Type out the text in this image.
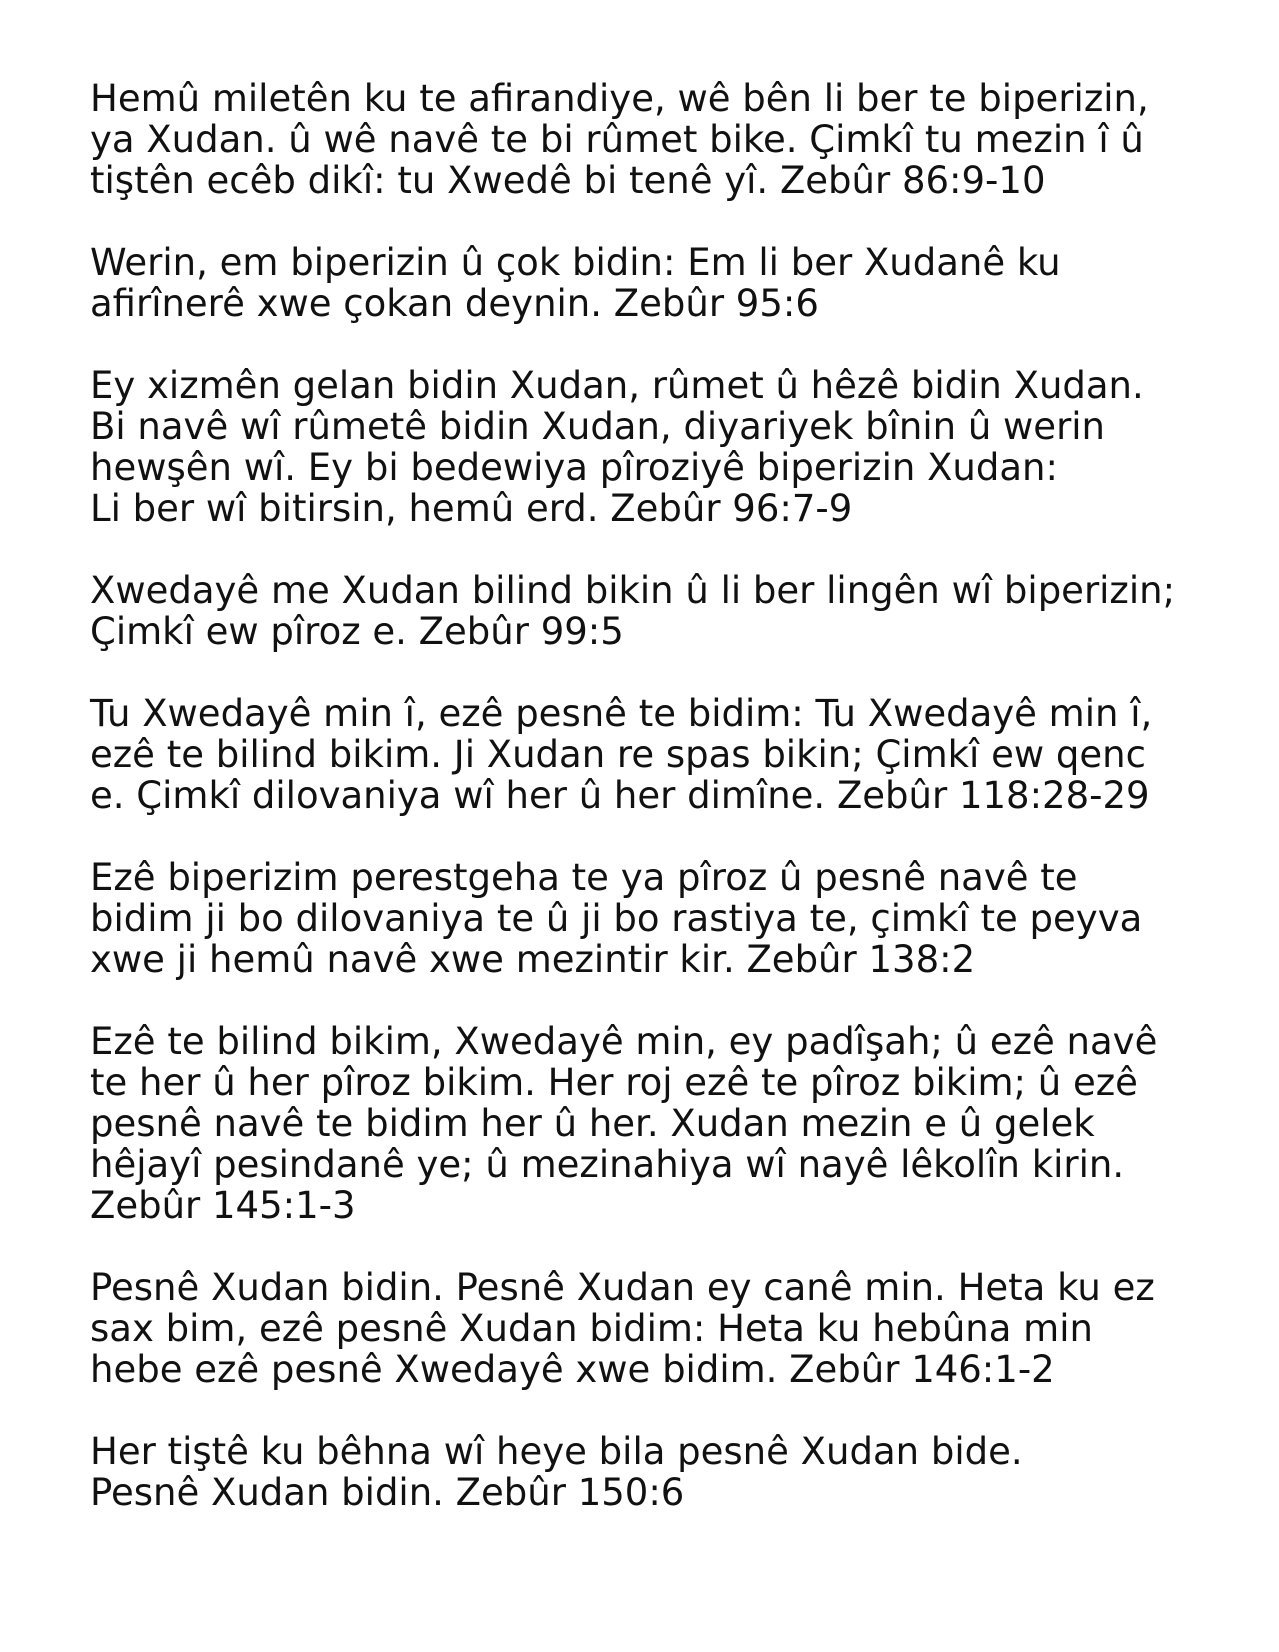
Hemû miletên ku te afirandiye, wê bên li ber te biperizin,
ya Xudan. û wê navê te bi rûmet bike. Çimkî tu mezin î û
tiştên ecêb dikî: tu Xwedê bi tenê yî. Zebûr 86:9-10

Werin, em biperizin û çok bidin: Em li ber Xudanê ku
afirînerê xwe çokan deynin. Zebûr 95:6

Ey xizmên gelan bidin Xudan, rûmet û hêzê bidin Xudan.
Bi navê wî rûmetê bidin Xudan, diyariyek bînin û werin
hewşên wî. Ey bi bedewiya pîroziyê biperizin Xudan:
Li ber wî bitirsin, hemû erd. Zebûr 96:7-9

Xwedayê me Xudan bilind bikin û li ber lingên wî biperizin;
Çimkî ew pîroz e. Zebûr 99:5

Tu Xwedayê min î, ezê pesnê te bidim: Tu Xwedayê min î,
ezê te bilind bikim. Ji Xudan re spas bikin; Çimkî ew qenc
e. Çimkî dilovaniya wî her û her dimîne. Zebûr 118:28-29

Ezê biperizim perestgeha te ya pîroz û pesnê navê te
bidim ji bo dilovaniya te û ji bo rastiya te, çimkî te peyva
xwe ji hemû navê xwe mezintir kir. Zebûr 138:2

Ezê te bilind bikim, Xwedayê min, ey padîşah; û ezê navê
te her û her pîroz bikim. Her roj ezê te pîroz bikim; û ezê
pesnê navê te bidim her û her. Xudan mezin e û gelek
hêjayî pesindanê ye; û mezinahiya wî nayê lêkolîn kirin.
Zebûr 145:1-3

Pesnê Xudan bidin. Pesnê Xudan ey canê min. Heta ku ez
sax bim, ezê pesnê Xudan bidim: Heta ku hebûna min
hebe ezê pesnê Xwedayê xwe bidim. Zebûr 146:1-2

Her tiştê ku bêhna wî heye bila pesnê Xudan bide.
Pesnê Xudan bidin. Zebûr 150:6
